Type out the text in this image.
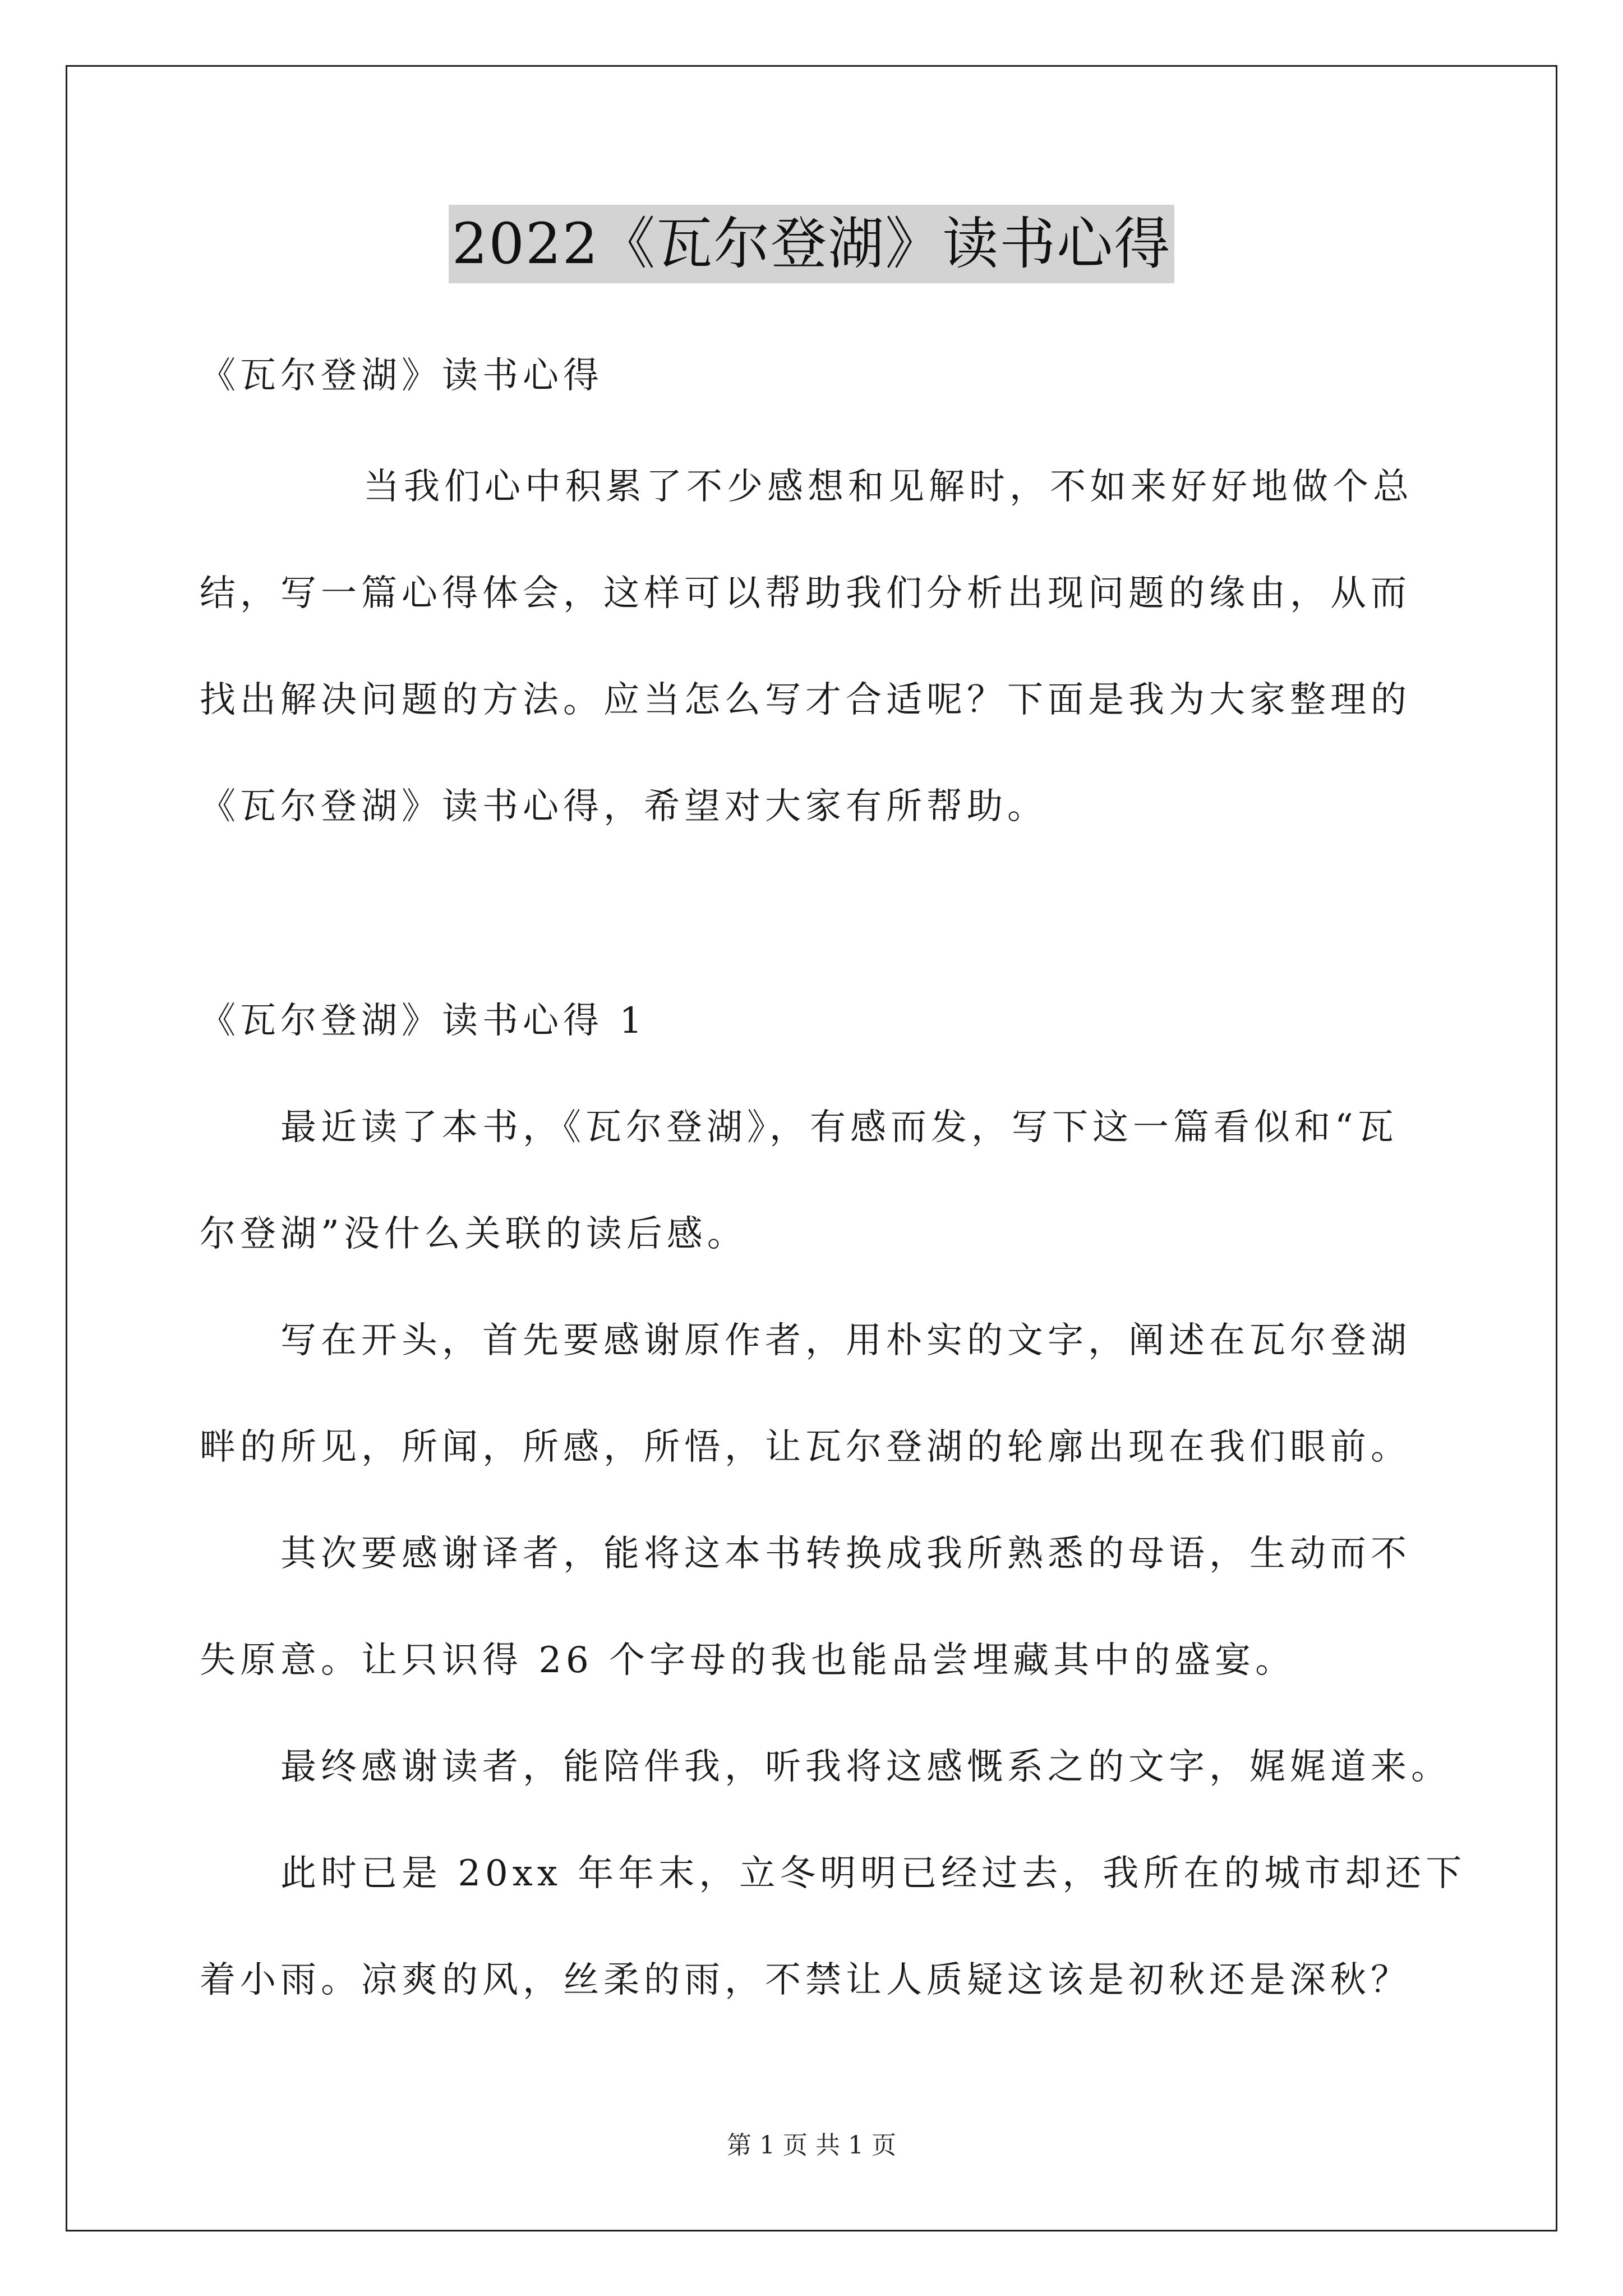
2022《瓦尔登湖》读书心得
《瓦尔登湖》读书心得
当我们心中积累了不少感想和见解时，不如来好好地做个总
结，写一篇心得体会，这样可以帮助我们分析出现问题的缘由，从而
找出解决问题的方法。应当怎么写才合适呢？下面是我为大家整理的
《瓦尔登湖》读书心得，希望对大家有所帮助。
《瓦尔登湖》读书心得 1
最近读了本书，《瓦尔登湖》，有感而发，写下这一篇看似和“瓦
尔登湖”没什么关联的读后感。
写在开头，首先要感谢原作者，用朴实的文字，阐述在瓦尔登湖
畔的所见，所闻，所感，所悟，让瓦尔登湖的轮廓出现在我们眼前。
其次要感谢译者，能将这本书转换成我所熟悉的母语，生动而不
失原意。让只识得 26 个字母的我也能品尝埋藏其中的盛宴。
最终感谢读者，能陪伴我，听我将这感慨系之的文字，娓娓道来。
此时已是 20xx 年年末，立冬明明已经过去，我所在的城市却还下
着小雨。凉爽的风，丝柔的雨，不禁让人质疑这该是初秋还是深秋？
第 1 页 共 1 页
